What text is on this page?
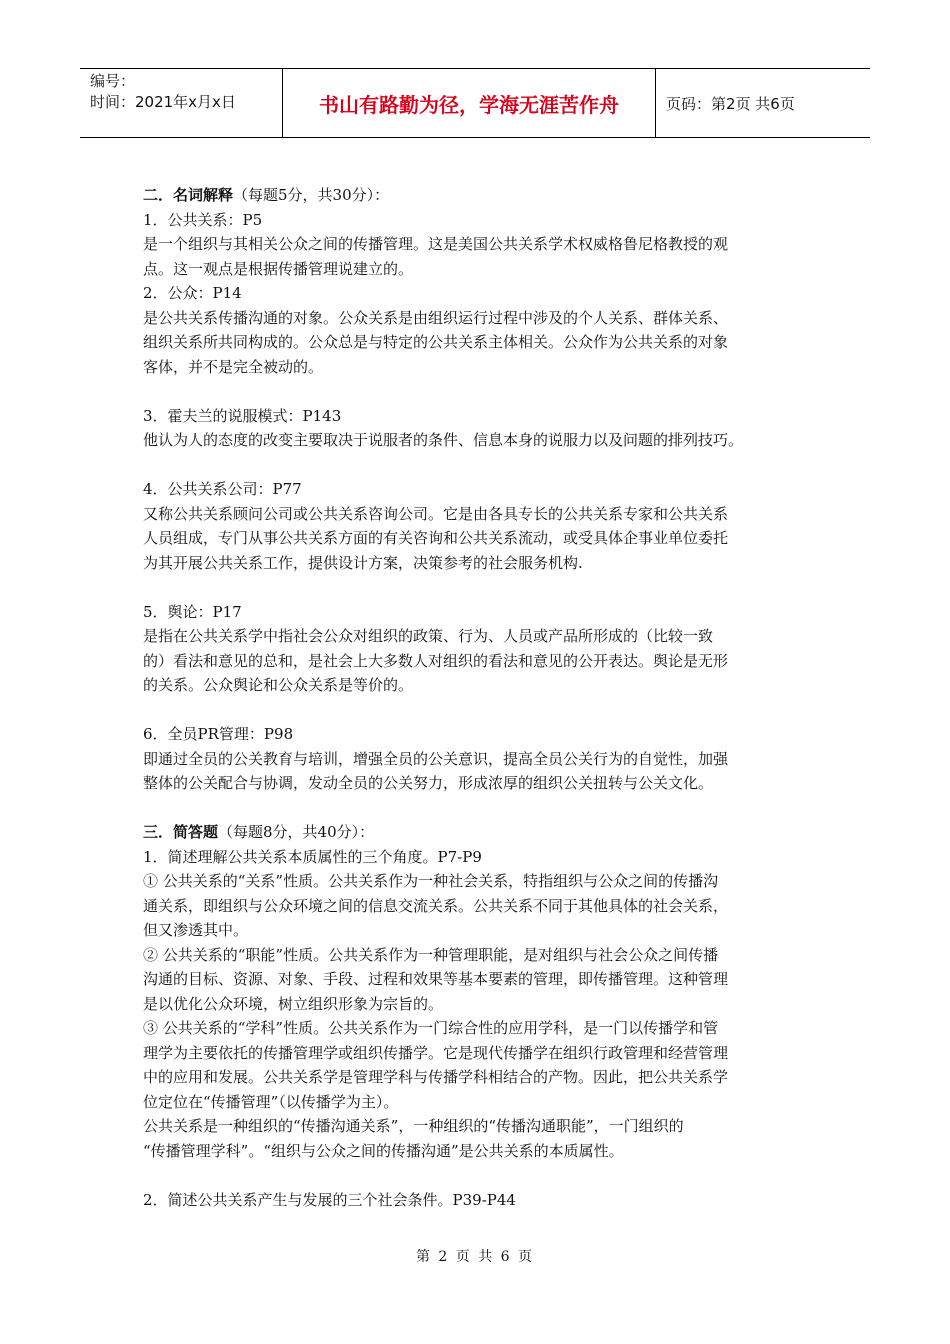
编号：
时间：2021年x月x日	书山有路勤为径，学海无涯苦作舟	页码：第2页 共6页

二．名词解释（每题5分，共30分）：

1．公共关系：P5

是一个组织与其相关公众之间的传播管理。这是美国公共关系学术权威格鲁尼格教授的观

点。这一观点是根据传播管理说建立的。

2．公众：P14

是公共关系传播沟通的对象。公众关系是由组织运行过程中涉及的个人关系、群体关系、

组织关系所共同构成的。公众总是与特定的公共关系主体相关。公众作为公共关系的对象

客体，并不是完全被动的。

3．霍夫兰的说服模式：P143

他认为人的态度的改变主要取决于说服者的条件、信息本身的说服力以及问题的排列技巧。

4．公共关系公司：P77

又称公共关系顾问公司或公共关系咨询公司。它是由各具专长的公共关系专家和公共关系

人员组成，专门从事公共关系方面的有关咨询和公共关系流动，或受具体企事业单位委托

为其开展公共关系工作，提供设计方案，决策参考的社会服务机构.

5．舆论：P17

是指在公共关系学中指社会公众对组织的政策、行为、人员或产品所形成的（比较一致

的）看法和意见的总和，是社会上大多数人对组织的看法和意见的公开表达。舆论是无形

的关系。公众舆论和公众关系是等价的。

6．全员PR管理：P98

即通过全员的公关教育与培训，增强全员的公关意识，提高全员公关行为的自觉性，加强

整体的公关配合与协调，发动全员的公关努力，形成浓厚的组织公关扭转与公关文化。

三．简答题（每题8分，共40分）：

1．简述理解公共关系本质属性的三个角度。P7-P9

① 公共关系的“关系”性质。公共关系作为一种社会关系，特指组织与公众之间的传播沟

通关系，即组织与公众环境之间的信息交流关系。公共关系不同于其他具体的社会关系，

但又渗透其中。

② 公共关系的“职能”性质。公共关系作为一种管理职能，是对组织与社会公众之间传播

沟通的目标、资源、对象、手段、过程和效果等基本要素的管理，即传播管理。这种管理

是以优化公众环境，树立组织形象为宗旨的。

③ 公共关系的“学科”性质。公共关系作为一门综合性的应用学科，是一门以传播学和管

理学为主要依托的传播管理学或组织传播学。它是现代传播学在组织行政管理和经营管理

中的应用和发展。公共关系学是管理学科与传播学科相结合的产物。因此，把公共关系学

位定位在“传播管理”（以传播学为主）。

公共关系是一种组织的“传播沟通关系”，一种组织的“传播沟通职能”，一门组织的

“传播管理学科”。“组织与公众之间的传播沟通”是公共关系的本质属性。

2．简述公共关系产生与发展的三个社会条件。P39-P44

第 2 页 共 6 页
